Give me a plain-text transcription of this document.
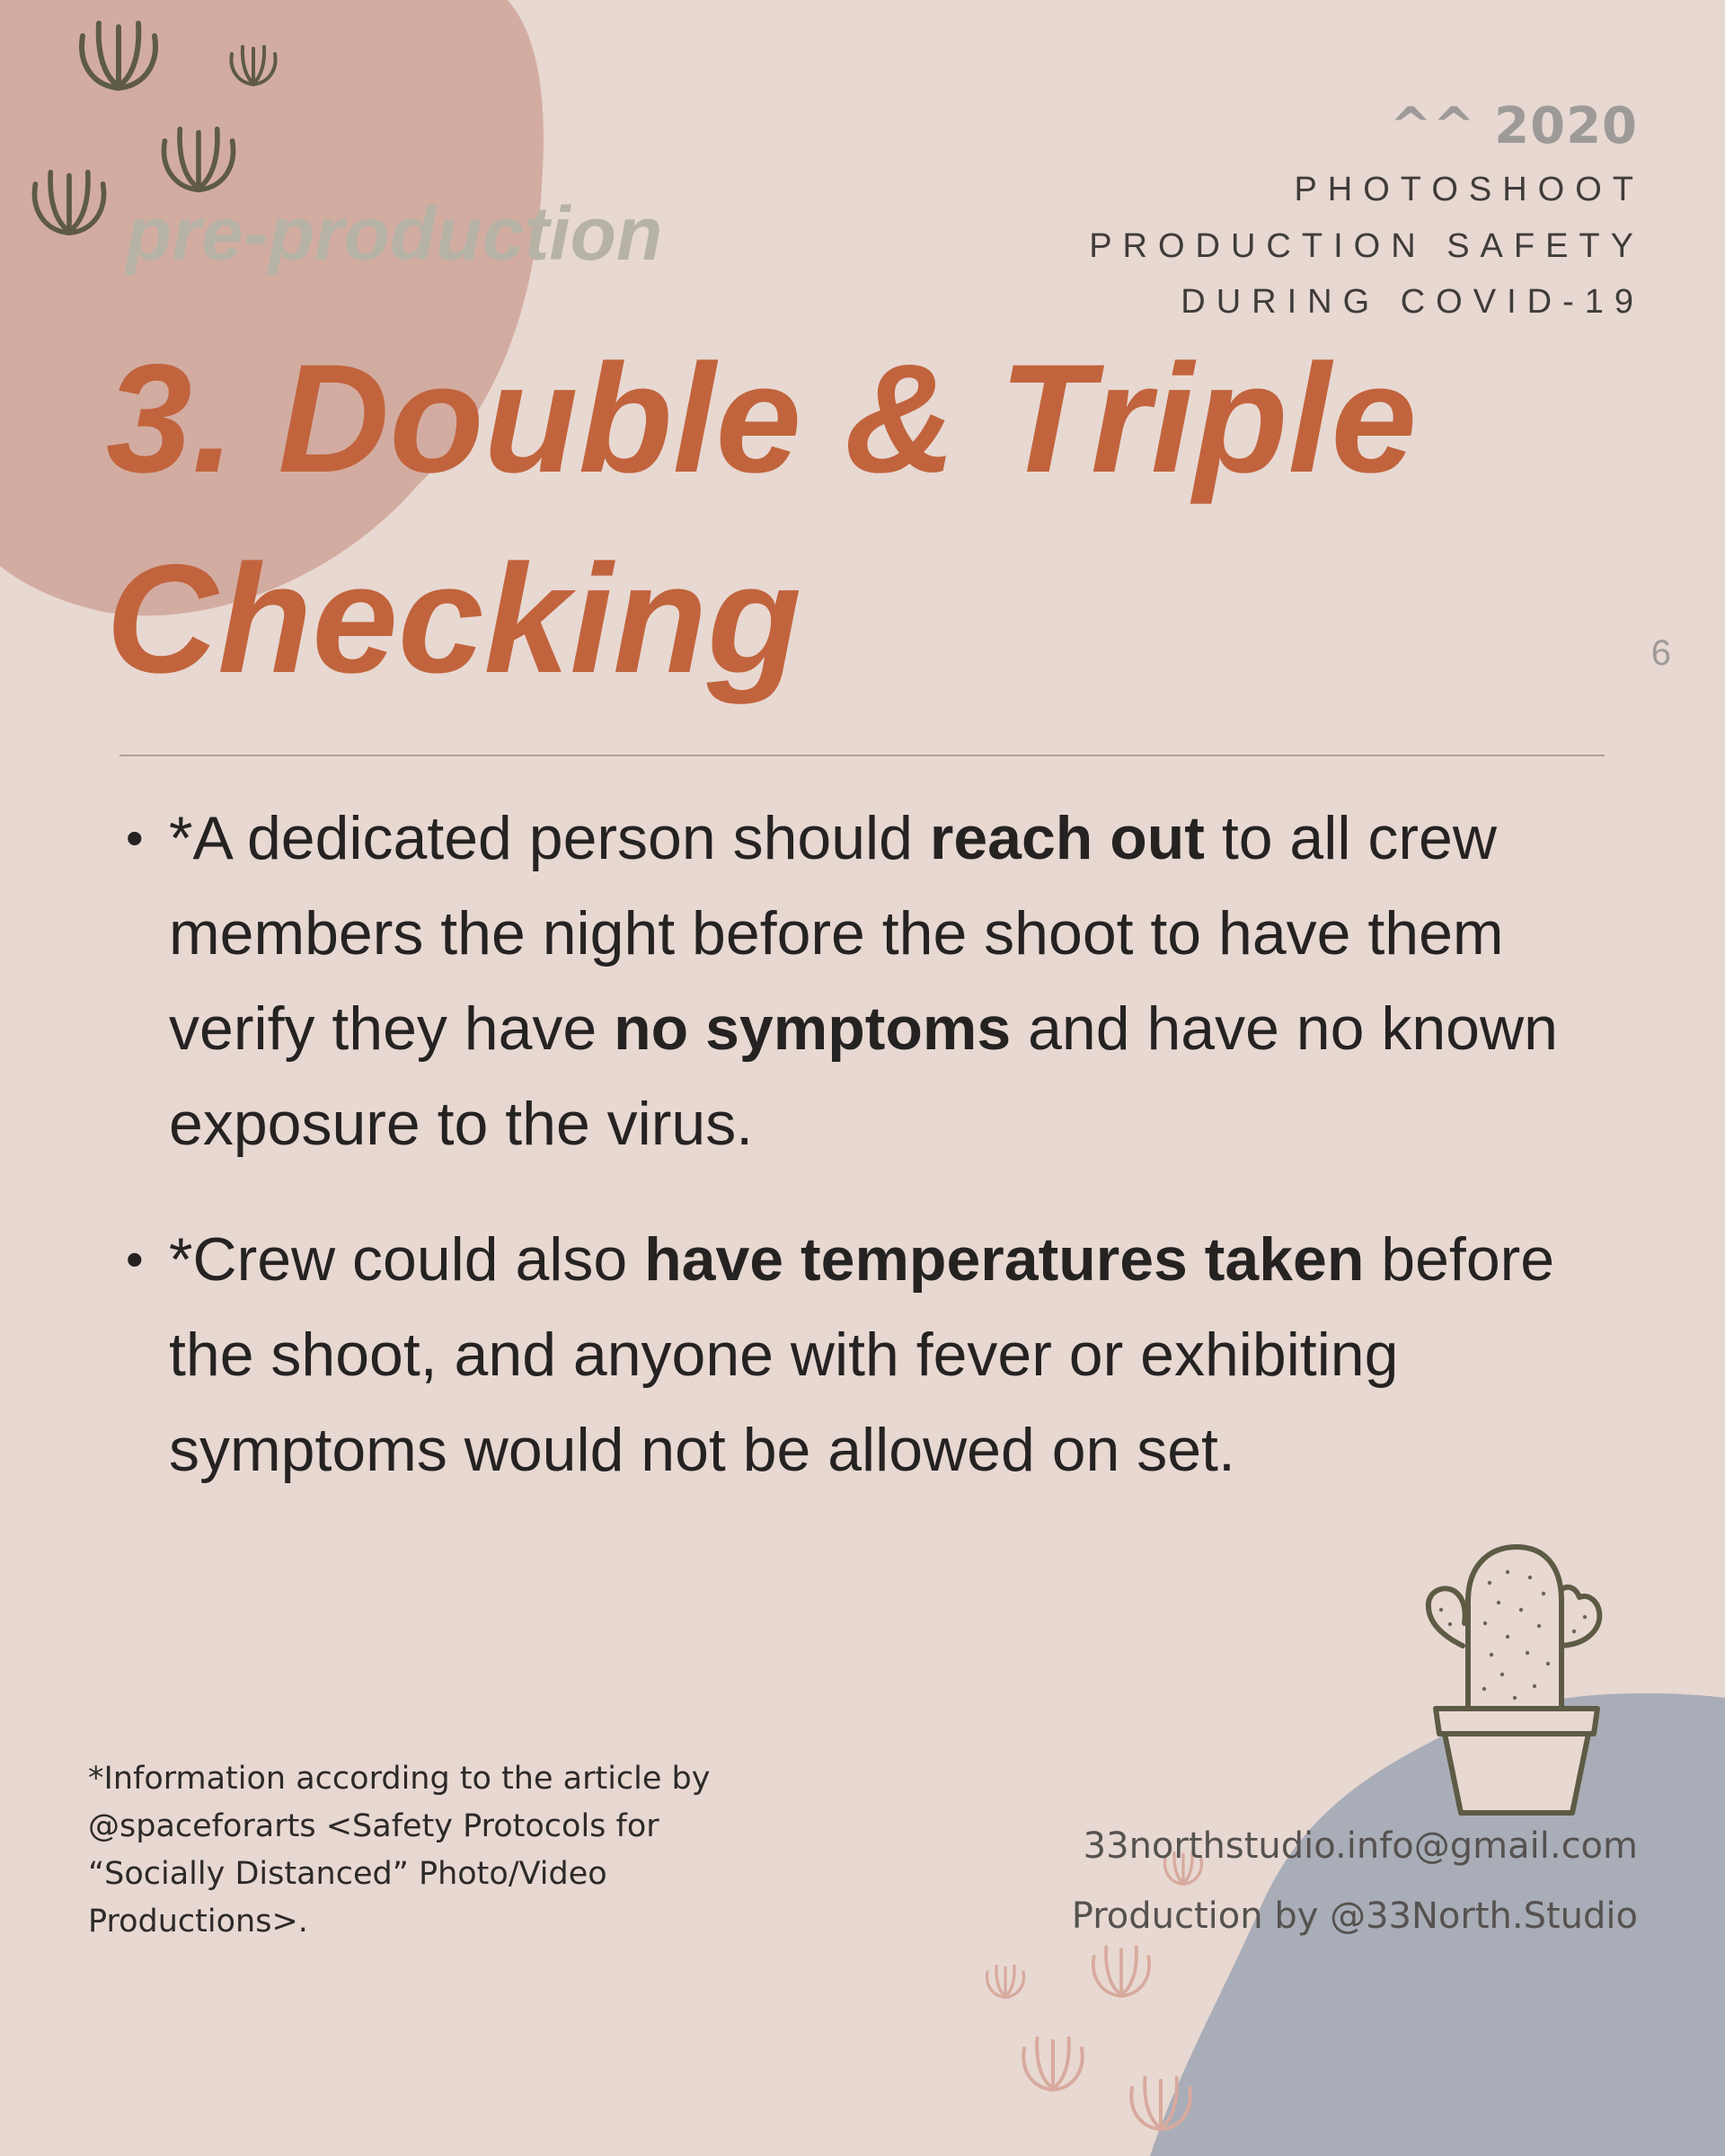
^^ 2020

PHOTOSHOOT

PRODUCTION SAFETY

DURING COVID-19

pre-production

3. Double & Triple
Checking	6

• *A dedicated person should reach out to all crew members the night before the shoot to have them verify they have no symptoms and have no known exposure to the virus.
• *Crew could also have temperatures taken before the shoot, and anyone with fever or exhibiting symptoms would not be allowed on set.

*Information according to the article by @spaceforarts <Safety Protocols for “Socially Distanced” Photo/Video Productions>.

33northstudio.info@gmail.com

Production by @33North.Studio
